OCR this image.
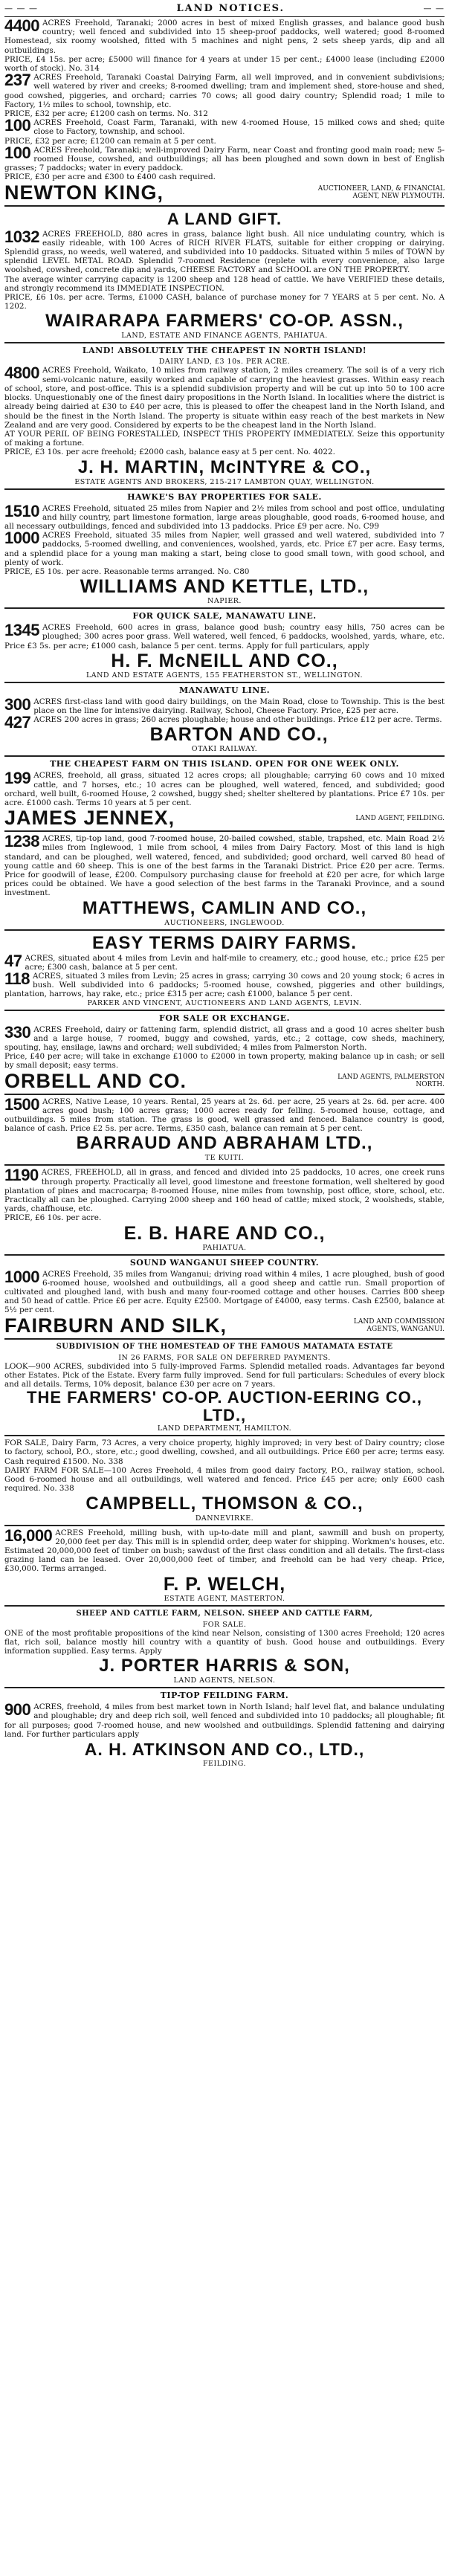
— — —	LAND NOTICES.	— —
4400 ACRES Freehold, Taranaki; 2000 acres in best of mixed English grasses, and balance good bush country; well fenced and subdivided into 15 sheep-proof paddocks, well watered; good 8-roomed Homestead, six roomy woolshed, fitted with 5 machines and night pens, 2 sets sheep yards, dip and all outbuildings.

PRICE, £4 15s. per acre; £5000 will finance for 4 years at under 15 per cent.; £4000 lease (including £2000 worth of stock). No. 314

237 ACRES Freehold, Taranaki Coastal Dairying Farm, all well improved, and in convenient subdivisions; well watered by river and creeks; 8-roomed dwelling; tram and implement shed, store-house and shed, good cowshed, piggeries, and orchard; carries 70 cows; all good dairy country; Splendid road; 1 mile to Factory, 1½ miles to school, township, etc.

PRICE, £32 per acre; £1200 cash on terms. No. 312

100 ACRES Freehold, Coast Farm, Taranaki, with new 4-roomed House, 15 milked cows and shed; quite close to Factory, township, and school.

PRICE, £32 per acre; £1200 can remain at 5 per cent.

100 ACRES Freehold, Taranaki; well-improved Dairy Farm, near Coast and fronting good main road; new 5-roomed House, cowshed, and outbuildings; all has been ploughed and sown down in best of English grasses; 7 paddocks; water in every paddock.

PRICE, £30 per acre and £300 to £400 cash required.

NEWTON KING,	AUCTIONEER, LAND, & FINANCIAL AGENT, NEW PLYMOUTH.
A LAND GIFT.
1032 ACRES FREEHOLD, 880 acres in grass, balance light bush. All nice undulating country, which is easily rideable, with 100 Acres of RICH RIVER FLATS, suitable for either cropping or dairying. Splendid grass, no weeds, well watered, and subdivided into 10 paddocks. Situated within 5 miles of TOWN by splendid LEVEL METAL ROAD. Splendid 7-roomed Residence (replete with every convenience, also large woolshed, cowshed, concrete dip and yards, CHEESE FACTORY and SCHOOL are ON THE PROPERTY.

The average winter carrying capacity is 1200 sheep and 128 head of cattle. We have VERIFIED these details, and strongly recommend its IMMEDIATE INSPECTION.

PRICE, £6 10s. per acre. Terms, £1000 CASH, balance of purchase money for 7 YEARS at 5 per cent. No. A 1202.

WAIRARAPA FARMERS' CO-OP. ASSN.,
LAND, ESTATE AND FINANCE AGENTS, PAHIATUA.
LAND! ABSOLUTELY THE CHEAPEST IN NORTH ISLAND!
DAIRY LAND, £3 10s. PER ACRE.
4800 ACRES Freehold, Waikato, 10 miles from railway station, 2 miles creamery. The soil is of a very rich semi-volcanic nature, easily worked and capable of carrying the heaviest grasses. Within easy reach of school, store, and post-office. This is a splendid subdivision property and will be cut up into 50 to 100 acre blocks. Unquestionably one of the finest dairy propositions in the North Island. In localities where the district is already being dairied at £30 to £40 per acre, this is pleased to offer the cheapest land in the North Island, and should be the finest in the North Island. The property is situate within easy reach of the best markets in New Zealand and are very good. Considered by experts to be the cheapest land in the North Island.

AT YOUR PERIL OF BEING FORESTALLED, INSPECT THIS PROPERTY IMMEDIATELY. Seize this opportunity of making a fortune.

PRICE, £3 10s. per acre freehold; £2000 cash, balance easy at 5 per cent. No. 4022.

J. H. MARTIN, McINTYRE & CO.,
ESTATE AGENTS AND BROKERS, 215-217 LAMBTON QUAY, WELLINGTON.
HAWKE'S BAY PROPERTIES FOR SALE.
1510 ACRES Freehold, situated 25 miles from Napier and 2½ miles from school and post office, undulating and hilly country, part limestone formation, large areas ploughable, good roads, 6-roomed house, and all necessary outbuildings, fenced and subdivided into 13 paddocks. Price £9 per acre. No. C99

1000 ACRES Freehold, situated 35 miles from Napier, well grassed and well watered, subdivided into 7 paddocks, 5-roomed dwelling, and conveniences, woolshed, yards, etc. Price £7 per acre. Easy terms, and a splendid place for a young man making a start, being close to good small town, with good school, and plenty of work.

PRICE, £5 10s. per acre. Reasonable terms arranged. No. C80

WILLIAMS AND KETTLE, LTD.,
NAPIER.
FOR QUICK SALE, MANAWATU LINE.
1345 ACRES Freehold, 600 acres in grass, balance good bush; country easy hills, 750 acres can be ploughed; 300 acres poor grass. Well watered, well fenced, 6 paddocks, woolshed, yards, whare, etc. Price £3 5s. per acre; £1000 cash, balance 5 per cent. terms. Apply for full particulars, apply

H. F. McNEILL AND CO.,
LAND AND ESTATE AGENTS, 155 FEATHERSTON ST., WELLINGTON.
MANAWATU LINE.
300 ACRES first-class land with good dairy buildings, on the Main Road, close to Township. This is the best place on the line for intensive dairying. Railway, School, Cheese Factory. Price, £25 per acre.

427 ACRES 200 acres in grass; 260 acres ploughable; house and other buildings. Price £12 per acre. Terms.

BARTON AND CO.,
OTAKI RAILWAY.
THE CHEAPEST FARM ON THIS ISLAND. OPEN FOR ONE WEEK ONLY.
199 ACRES, freehold, all grass, situated 12 acres crops; all ploughable; carrying 60 cows and 10 mixed cattle, and 7 horses, etc.; 10 acres can be ploughed, well watered, fenced, and subdivided; good orchard, well built, 6-roomed House, 2 cowshed, buggy shed; shelter sheltered by plantations. Price £7 10s. per acre. £1000 cash. Terms 10 years at 5 per cent.

JAMES JENNEX,	LAND AGENT, FEILDING.
1238 ACRES, tip-top land, good 7-roomed house, 20-bailed cowshed, stable, trapshed, etc. Main Road 2½ miles from Inglewood, 1 mile from school, 4 miles from Dairy Factory. Most of this land is high standard, and can be ploughed, well watered, fenced, and subdivided; good orchard, well carved 80 head of young cattle and 60 sheep. This is one of the best farms in the Taranaki District. Price £20 per acre. Terms. Price for goodwill of lease, £200. Compulsory purchasing clause for freehold at £20 per acre, for which large prices could be obtained. We have a good selection of the best farms in the Taranaki Province, and a sound investment.

MATTHEWS, CAMLIN AND CO.,
AUCTIONEERS, INGLEWOOD.
EASY TERMS DAIRY FARMS.
47 ACRES, situated about 4 miles from Levin and half-mile to creamery, etc.; good house, etc.; price £25 per acre; £300 cash, balance at 5 per cent.

118 ACRES, situated 3 miles from Levin; 25 acres in grass; carrying 30 cows and 20 young stock; 6 acres in bush. Well subdivided into 6 paddocks; 5-roomed house, cowshed, piggeries and other buildings, plantation, harrows, hay rake, etc.; price £315 per acre; cash £1000, balance 5 per cent.

PARKER AND VINCENT, AUCTIONEERS AND LAND AGENTS, LEVIN.
FOR SALE OR EXCHANGE.
330 ACRES Freehold, dairy or fattening farm, splendid district, all grass and a good 10 acres shelter bush and a large house, 7 roomed, buggy and cowshed, yards, etc.; 2 cottage, cow sheds, machinery, spouting, hay, ensilage, lawns and orchard; well subdivided; 4 miles from Palmerston North.

Price, £40 per acre; will take in exchange £1000 to £2000 in town property, making balance up in cash; or sell by small deposit; easy terms.

ORBELL AND CO.	LAND AGENTS, PALMERSTON NORTH.
1500 ACRES, Native Lease, 10 years. Rental, 25 years at 2s. 6d. per acre, 25 years at 2s. 6d. per acre. 400 acres good bush; 100 acres grass; 1000 acres ready for felling. 5-roomed house, cottage, and outbuildings. 5 miles from station. The grass is good, well grassed and fenced. Balance country is good, balance of cash. Price £2 5s. per acre. Terms, £350 cash, balance can remain at 5 per cent.

BARRAUD AND ABRAHAM LTD.,
TE KUITI.
1190 ACRES, FREEHOLD, all in grass, and fenced and divided into 25 paddocks, 10 acres, one creek runs through property. Practically all level, good limestone and freestone formation, well sheltered by good plantation of pines and macrocarpa; 8-roomed House, nine miles from township, post office, store, school, etc. Practically all can be ploughed. Carrying 2000 sheep and 160 head of cattle; mixed stock, 2 woolsheds, stable, yards, chaffhouse, etc.

PRICE, £6 10s. per acre.

E. B. HARE AND CO.,
PAHIATUA.
SOUND WANGANUI SHEEP COUNTRY.
1000 ACRES Freehold, 35 miles from Wanganui; driving road within 4 miles, 1 acre ploughed, bush of good 6-roomed house, woolshed and outbuildings, all a good sheep and cattle run. Small proportion of cultivated and ploughed land, with bush and many four-roomed cottage and other houses. Carries 800 sheep and 50 head of cattle. Price £6 per acre. Equity £2500. Mortgage of £4000, easy terms. Cash £2500, balance at 5½ per cent.

FAIRBURN AND SILK,	LAND AND COMMISSION AGENTS, WANGANUI.
SUBDIVISION OF THE HOMESTEAD OF THE FAMOUS MATAMATA ESTATE
IN 26 FARMS, FOR SALE ON DEFERRED PAYMENTS.

LOOK—900 ACRES, subdivided into 5 fully-improved Farms. Splendid metalled roads. Advantages far beyond other Estates. Pick of the Estate. Every farm fully improved. Send for full particulars: Schedules of every block and all details. Terms, 10% deposit, balance £30 per acre on 7 years.

THE FARMERS' CO-OP. AUCTION-EERING CO., LTD.,
LAND DEPARTMENT, HAMILTON.

FOR SALE, Dairy Farm, 73 Acres, a very choice property, highly improved; in very best of Dairy country; close to factory, school, P.O., store, etc.; good dwelling, cowshed, and all outbuildings. Price £60 per acre; terms easy. Cash required £1500. No. 338

DAIRY FARM FOR SALE—100 Acres Freehold, 4 miles from good dairy factory, P.O., railway station, school. Good 6-roomed house and all outbuildings, well watered and fenced. Price £45 per acre; only £600 cash required. No. 338

CAMPBELL, THOMSON & CO.,
DANNEVIRKE.
16,000 ACRES Freehold, milling bush, with up-to-date mill and plant, sawmill and bush on property, 20,000 feet per day. This mill is in splendid order, deep water for shipping. Workmen's houses, etc. Estimated 20,000,000 feet of timber on bush; sawdust of the first class condition and all details. The first-class grazing land can be leased. Over 20,000,000 feet of timber, and freehold can be had very cheap. Price, £30,000. Terms arranged.

F. P. WELCH,
ESTATE AGENT, MASTERTON.
SHEEP AND CATTLE FARM, NELSON. SHEEP AND CATTLE FARM,
FOR SALE.

ONE of the most profitable propositions of the kind near Nelson, consisting of 1300 acres Freehold; 120 acres flat, rich soil, balance mostly hill country with a quantity of bush. Good house and outbuildings. Every information supplied. Easy terms. Apply

J. PORTER HARRIS & SON,
LAND AGENTS, NELSON.
TIP-TOP FEILDING FARM.
900 ACRES, freehold, 4 miles from best market town in North Island; half level flat, and balance undulating and ploughable; dry and deep rich soil, well fenced and subdivided into 10 paddocks; all ploughable; fit for all purposes; good 7-roomed house, and new woolshed and outbuildings. Splendid fattening and dairying land. For further particulars apply

A. H. ATKINSON AND CO., LTD.,
FEILDING.
